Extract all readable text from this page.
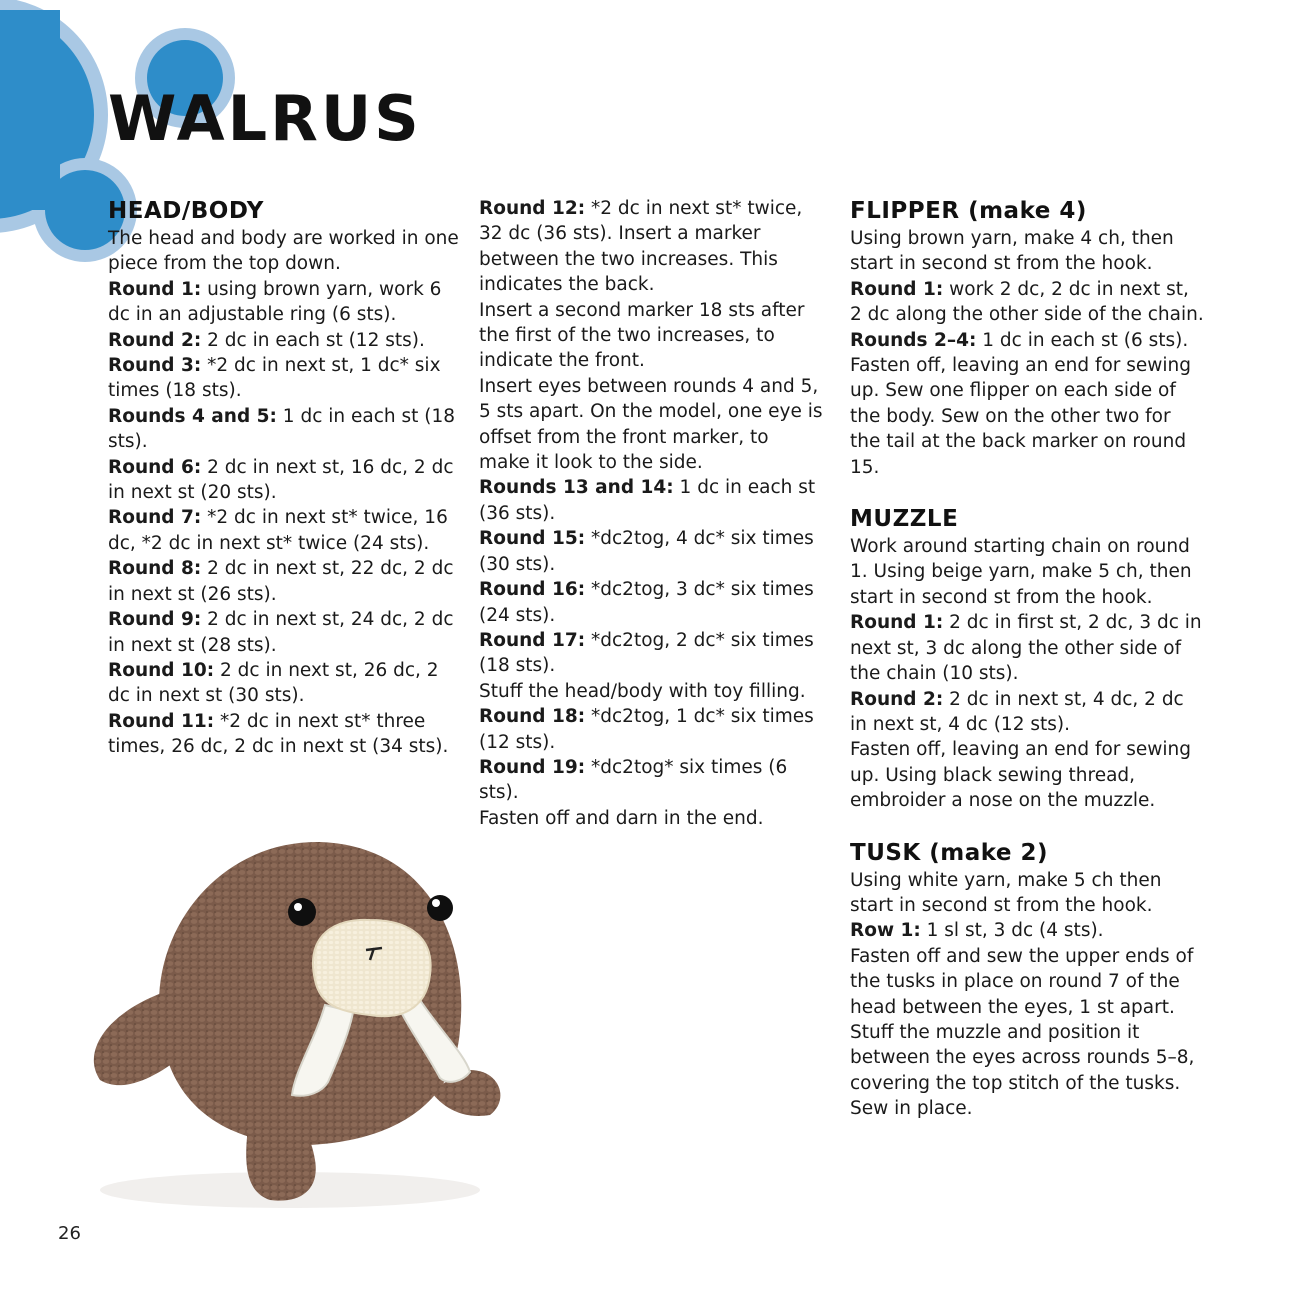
WALRUS
HEAD/BODY

The head and body are worked in one piece from the top down.

Round 1: using brown yarn, work 6 dc in an adjustable ring (6 sts).

Round 2: 2 dc in each st (12 sts).

Round 3: *2 dc in next st, 1 dc* six times (18 sts).

Rounds 4 and 5: 1 dc in each st (18 sts).

Round 6: 2 dc in next st, 16 dc, 2 dc in next st (20 sts).

Round 7: *2 dc in next st* twice, 16 dc, *2 dc in next st* twice (24 sts).

Round 8: 2 dc in next st, 22 dc, 2 dc in next st (26 sts).

Round 9: 2 dc in next st, 24 dc, 2 dc in next st (28 sts).

Round 10: 2 dc in next st, 26 dc, 2 dc in next st (30 sts).

Round 11: *2 dc in next st* three times, 26 dc, 2 dc in next st (34 sts).

Round 12: *2 dc in next st* twice, 32 dc (36 sts). Insert a marker between the two increases. This indicates the back.

Insert a second marker 18 sts after the first of the two increases, to indicate the front.

Insert eyes between rounds 4 and 5, 5 sts apart. On the model, one eye is offset from the front marker, to make it look to the side.

Rounds 13 and 14: 1 dc in each st (36 sts).

Round 15: *dc2tog, 4 dc* six times (30 sts).

Round 16: *dc2tog, 3 dc* six times (24 sts).

Round 17: *dc2tog, 2 dc* six times (18 sts).

Stuff the head/body with toy filling.

Round 18: *dc2tog, 1 dc* six times (12 sts).

Round 19: *dc2tog* six times (6 sts).

Fasten off and darn in the end.

FLIPPER (make 4)

Using brown yarn, make 4 ch, then start in second st from the hook.

Round 1: work 2 dc, 2 dc in next st, 2 dc along the other side of the chain.

Rounds 2–4: 1 dc in each st (6 sts).

Fasten off, leaving an end for sewing up. Sew one flipper on each side of the body. Sew on the other two for the tail at the back marker on round 15.

MUZZLE

Work around starting chain on round 1. Using beige yarn, make 5 ch, then start in second st from the hook.

Round 1: 2 dc in first st, 2 dc, 3 dc in next st, 3 dc along the other side of the chain (10 sts).

Round 2: 2 dc in next st, 4 dc, 2 dc in next st, 4 dc (12 sts).

Fasten off, leaving an end for sewing up. Using black sewing thread, embroider a nose on the muzzle.

TUSK (make 2)

Using white yarn, make 5 ch then start in second st from the hook.

Row 1: 1 sl st, 3 dc (4 sts).

Fasten off and sew the upper ends of the tusks in place on round 7 of the head between the eyes, 1 st apart. Stuff the muzzle and position it between the eyes across rounds 5–8, covering the top stitch of the tusks. Sew in place.

26
